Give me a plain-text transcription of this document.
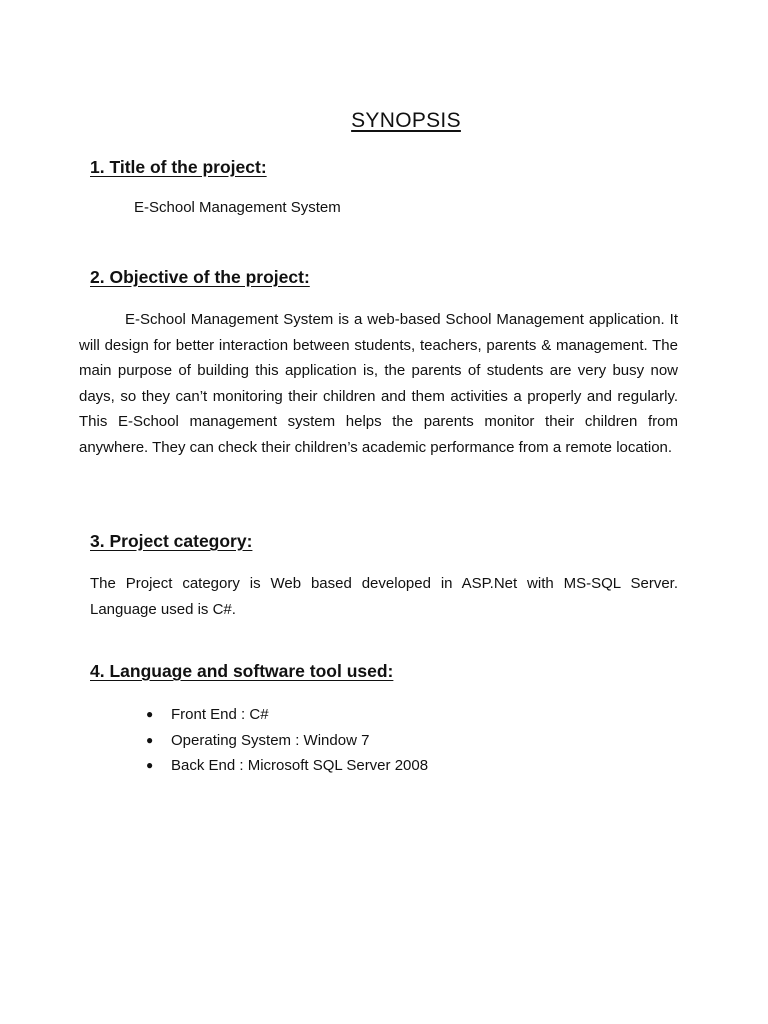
SYNOPSIS
1. Title of the project:
E-School Management System
2. Objective of the project:
E-School Management System is a web-based School Management application. It will design for better interaction between students, teachers, parents & management. The main purpose of building this application is, the parents of students are very busy now days, so they can’t monitoring their children and them activities a properly and regularly. This E-School management system helps the parents monitor their children from anywhere. They can check their children’s academic performance from a remote location.
3. Project category:
The Project category is Web based developed in ASP.Net with MS-SQL Server. Language used is C#.
4. Language and software tool used:
● Front End : C#
● Operating System : Window 7
● Back End : Microsoft SQL Server 2008
